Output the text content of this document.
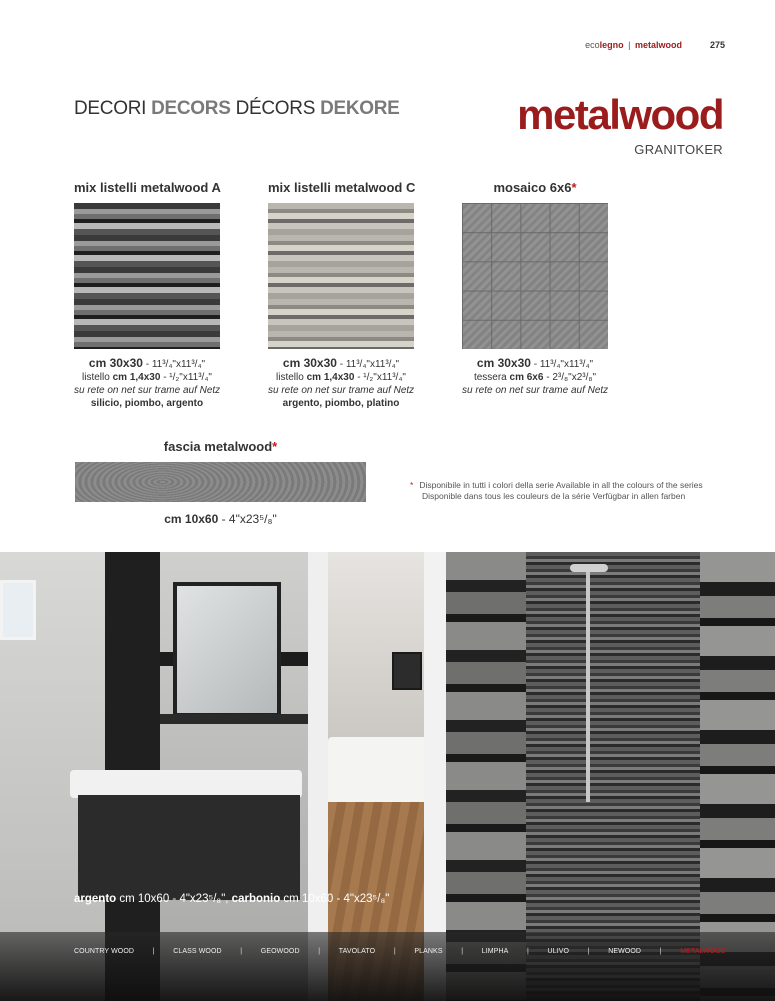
ecolegno | metalwood	275
DECORI DECORS DÉCORS DEKORE	metalwood
GRANITOKER
mix listelli metalwood A
cm 30x30 - 11³/₄"x11³/₄"
listello cm 1,4x30 - ¹/₂"x11³/₄"
su rete on net sur trame auf Netz
silicio, piombo, argento
mix listelli metalwood C
cm 30x30 - 11³/₄"x11³/₄"
listello cm 1,4x30 - ¹/₂"x11³/₄"
su rete on net sur trame auf Netz
argento, piombo, platino
mosaico 6x6*
cm 30x30 - 11³/₄"x11³/₄"
tessera cm 6x6 - 2³/₈"x2³/₈"
su rete on net sur trame auf Netz
fascia metalwood*
cm 10x60 - 4"x23⁵/₈"
* Disponibile in tutti i colori della serie Available in all the colours of the series
Disponible dans tous les couleurs de la série Verfügbar in allen farben
argento cm 10x60 - 4"x23⁵/₈", carbonio cm 10x60 - 4"x23⁵/₈"
COUNTRY WOOD	|	CLASS WOOD	|	GEOWOOD	|	TAVOLATO	|	PLANKS	|	LIMPHA	|	ULIVO	|	NEWOOD	|	METALWOOD
